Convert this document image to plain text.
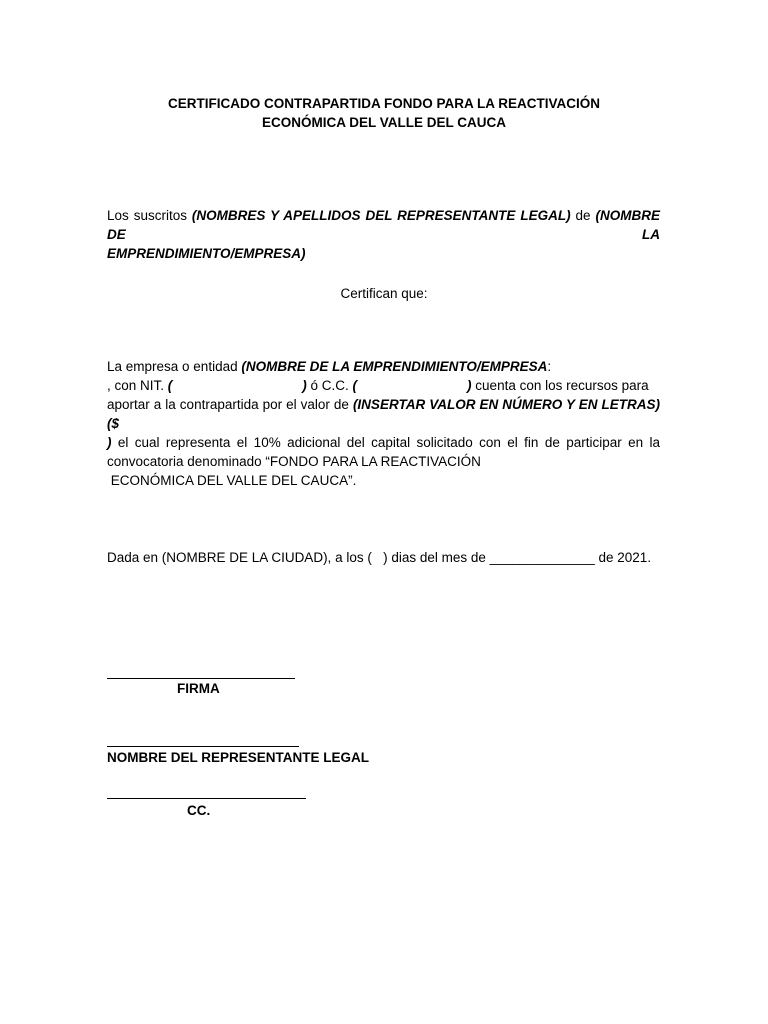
CERTIFICADO CONTRAPARTIDA FONDO PARA LA REACTIVACIÓN
ECONÓMICA DEL VALLE DEL CAUCA
Los suscritos (NOMBRES Y APELLIDOS DEL REPRESENTANTE LEGAL) de (NOMBRE DE LA
EMPRENDIMIENTO/EMPRESA)
Certifican que:
La empresa o entidad (NOMBRE DE LA EMPRENDIMIENTO/EMPRESA:
, con NIT. (	) ó C.C. (	) cuenta con los recursos para
aportar a la contrapartida por el valor de (INSERTAR VALOR EN NÚMERO Y EN LETRAS) ($
) el cual representa el 10% adicional del capital solicitado con el fin de participar en la
convocatoria denominado “FONDO PARA LA REACTIVACIÓN
ECONÓMICA DEL VALLE DEL CAUCA”.
Dada en (NOMBRE DE LA CIUDAD), a los (   ) dias del mes de ______________ de 2021.
FIRMA
NOMBRE DEL REPRESENTANTE LEGAL
CC.
